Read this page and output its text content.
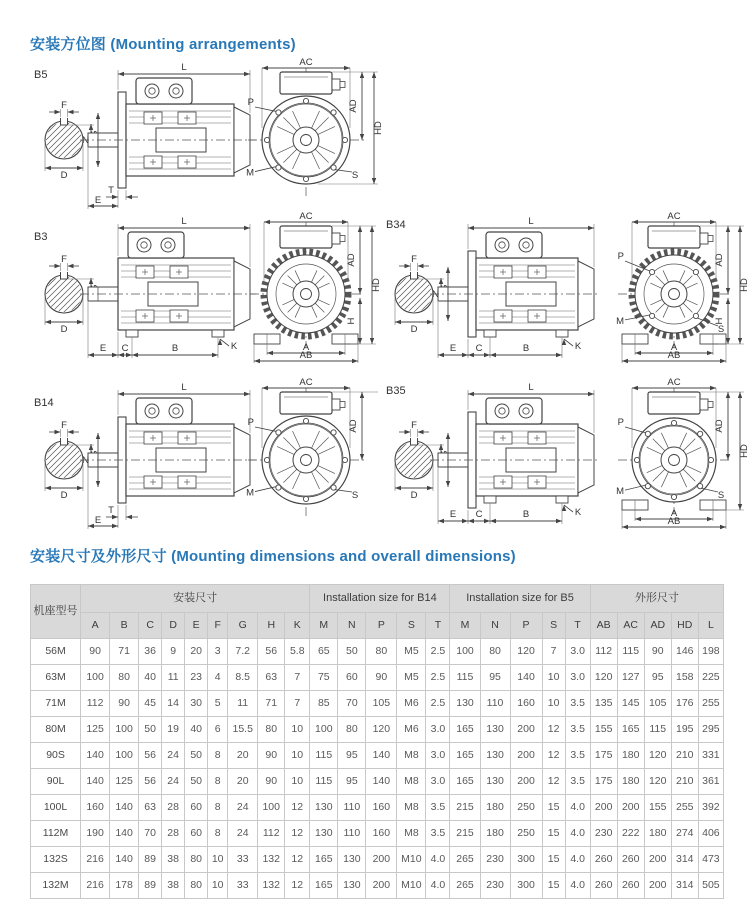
安装方位图 (Mounting arrangements)
B5
F
D
L
N
T
E
AC
AD
HD
P
M	S
B3
F
D
L
E C	B	K
AC
AD
HD
H
A
AB
B34
F
D
L
N
E C	B	K
AC
AD
HD
H
A
AB
P
M
S
B14
F
D
L
N
T
E
AC
AD
P
M	S
B35
F
D
L
E C	B	K
AC
AD
HD
A
AB
P
M	S
安装尺寸及外形尺寸 (Mounting dimensions and overall dimensions)
机座型号	安装尺寸									Installation size for B14					Installation size for B5					外形尺寸				
	A	B	C	D	E	F	G	H	K	M	N	P	S	T	M	N	P	S	T	AB	AC	AD	HD	L
56M	90	71	36	9	20	3	7.2	56	5.8	65	50	80	M5	2.5	100	80	120	7	3.0	112	115	90	146	198
63M	100	80	40	11	23	4	8.5	63	7	75	60	90	M5	2.5	115	95	140	10	3.0	120	127	95	158	225
71M	112	90	45	14	30	5	11	71	7	85	70	105	M6	2.5	130	110	160	10	3.5	135	145	105	176	255
80M	125	100	50	19	40	6	15.5	80	10	100	80	120	M6	3.0	165	130	200	12	3.5	155	165	115	195	295
90S	140	100	56	24	50	8	20	90	10	115	95	140	M8	3.0	165	130	200	12	3.5	175	180	120	210	331
90L	140	125	56	24	50	8	20	90	10	115	95	140	M8	3.0	165	130	200	12	3.5	175	180	120	210	361
100L	160	140	63	28	60	8	24	100	12	130	110	160	M8	3.5	215	180	250	15	4.0	200	200	155	255	392
112M	190	140	70	28	60	8	24	112	12	130	110	160	M8	3.5	215	180	250	15	4.0	230	222	180	274	406
132S	216	140	89	38	80	10	33	132	12	165	130	200	M10	4.0	265	230	300	15	4.0	260	260	200	314	473
132M	216	178	89	38	80	10	33	132	12	165	130	200	M10	4.0	265	230	300	15	4.0	260	260	200	314	505
